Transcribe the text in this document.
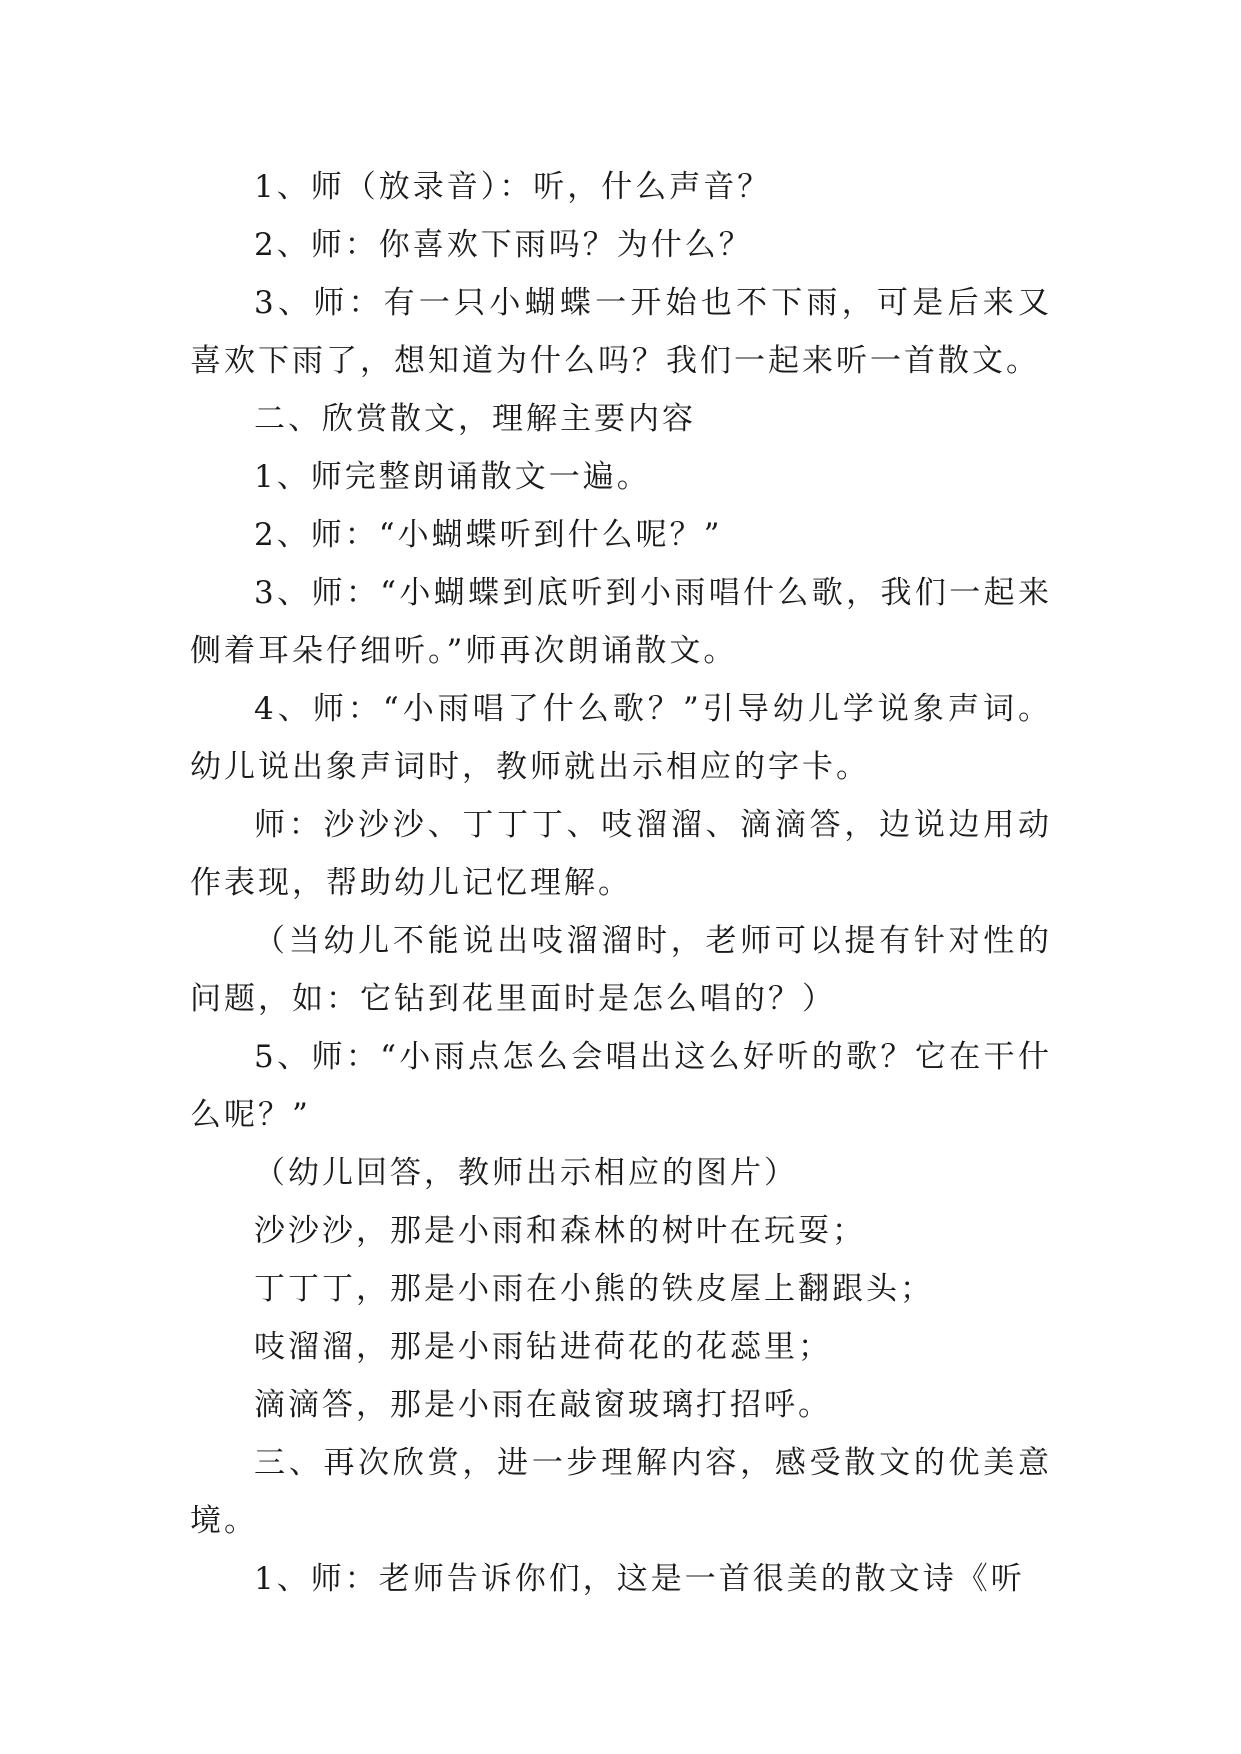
1、师（放录音）：听，什么声音？

2、师：你喜欢下雨吗？为什么？

3、师：有一只小蝴蝶一开始也不下雨，可是后来又喜欢下雨了，想知道为什么吗？我们一起来听一首散文。

二、欣赏散文，理解主要内容

1、师完整朗诵散文一遍。

2、师：“小蝴蝶听到什么呢？”

3、师：“小蝴蝶到底听到小雨唱什么歌，我们一起来侧着耳朵仔细听。”师再次朗诵散文。

4、师：“小雨唱了什么歌？”引导幼儿学说象声词。幼儿说出象声词时，教师就出示相应的字卡。

师：沙沙沙、丁丁丁、吱溜溜、滴滴答，边说边用动作表现，帮助幼儿记忆理解。

（当幼儿不能说出吱溜溜时，老师可以提有针对性的问题，如：它钻到花里面时是怎么唱的？）

5、师：“小雨点怎么会唱出这么好听的歌？它在干什么呢？”

（幼儿回答，教师出示相应的图片）

沙沙沙，那是小雨和森林的树叶在玩耍；

丁丁丁，那是小雨在小熊的铁皮屋上翻跟头；

吱溜溜，那是小雨钻进荷花的花蕊里；

滴滴答，那是小雨在敲窗玻璃打招呼。

三、再次欣赏，进一步理解内容，感受散文的优美意境。

1、师：老师告诉你们，这是一首很美的散文诗《听
